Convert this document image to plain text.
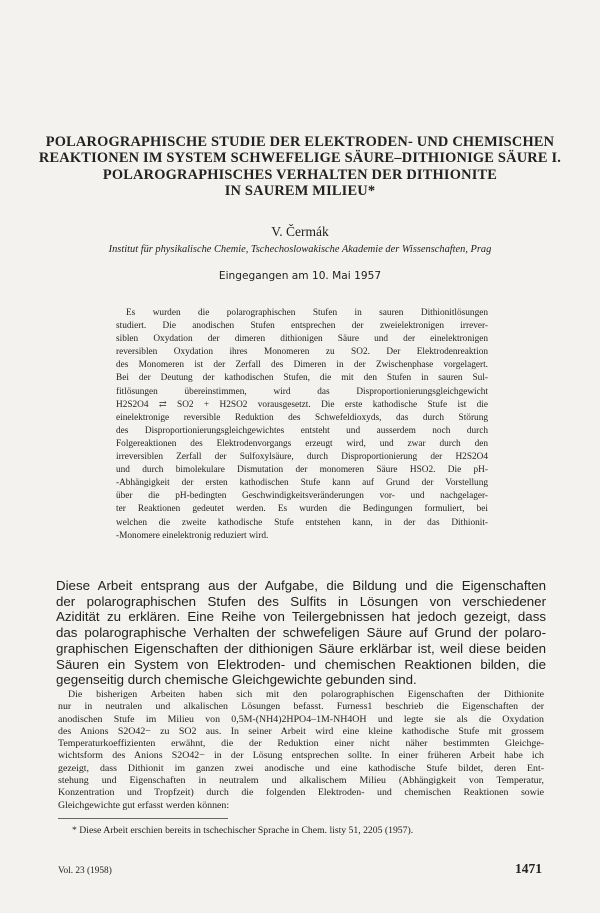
POLAROGRAPHISCHE STUDIE DER ELEKTRODEN- UND CHEMISCHEN
REAKTIONEN IM SYSTEM SCHWEFELIGE SÄURE–DITHIONIGE SÄURE I.
POLAROGRAPHISCHES VERHALTEN DER DITHIONITE
IN SAUREM MILIEU*
V. Čermák
Institut für physikalische Chemie, Tschechoslowakische Akademie der Wissenschaften, Prag
Eingegangen am 10. Mai 1957
Es wurden die polarographischen Stufen in sauren Dithionitlösungen
studiert. Die anodischen Stufen entsprechen der zweielektronigen irrever-
siblen Oxydation der dimeren dithionigen Säure und der einelektronigen
reversiblen Oxydation ihres Monomeren zu SO2. Der Elektrodenreaktion
des Monomeren ist der Zerfall des Dimeren in der Zwischenphase vorgelagert.
Bei der Deutung der kathodischen Stufen, die mit den Stufen in sauren Sul-
fitlösungen übereinstimmen, wird das Disproportionierungsgleichgewicht
H2S2O4 ⇄ SO2 + H2SO2 vorausgesetzt. Die erste kathodische Stufe ist die
einelektronige reversible Reduktion des Schwefeldioxyds, das durch Störung
des Disproportionierungsgleichgewichtes entsteht und ausserdem noch durch
Folgereaktionen des Elektrodenvorgangs erzeugt wird, und zwar durch den
irreversiblen Zerfall der Sulfoxylsäure, durch Disproportionierung der H2S2O4
und durch bimolekulare Dismutation der monomeren Säure HSO2. Die pH-
-Abhängigkeit der ersten kathodischen Stufe kann auf Grund der Vorstellung
über die pH-bedingten Geschwindigkeitsveränderungen vor- und nachgelager-
ter Reaktionen gedeutet werden. Es wurden die Bedingungen formuliert, bei
welchen die zweite kathodische Stufe entstehen kann, in der das Dithionit-
-Monomere einelektronig reduziert wird.
Diese Arbeit entsprang aus der Aufgabe, die Bildung und die Eigenschaften
der polarographischen Stufen des Sulfits in Lösungen von verschiedener
Azidität zu erklären. Eine Reihe von Teilergebnissen hat jedoch gezeigt, dass
das polarographische Verhalten der schwefeligen Säure auf Grund der polaro-
graphischen Eigenschaften der dithionigen Säure erklärbar ist, weil diese beiden
Säuren ein System von Elektroden- und chemischen Reaktionen bilden, die
gegenseitig durch chemische Gleichgewichte gebunden sind.
Die bisherigen Arbeiten haben sich mit den polarographischen Eigenschaften der Dithionite
nur in neutralen und alkalischen Lösungen befasst. Furness1 beschrieb die Eigenschaften der
anodischen Stufe im Milieu von 0,5M-(NH4)2HPO4–1M-NH4OH und legte sie als die Oxydation
des Anions S2O42− zu SO2 aus. In seiner Arbeit wird eine kleine kathodische Stufe mit grossem
Temperaturkoeffizienten erwähnt, die der Reduktion einer nicht näher bestimmten Gleichge-
wichtsform des Anions S2O42− in der Lösung entsprechen sollte. In einer früheren Arbeit habe ich
gezeigt, dass Dithionit im ganzen zwei anodische und eine kathodische Stufe bildet, deren Ent-
stehung und Eigenschaften in neutralem und alkalischem Milieu (Abhängigkeit von Temperatur,
Konzentration und Tropfzeit) durch die folgenden Elektroden- und chemischen Reaktionen sowie
Gleichgewichte gut erfasst werden können:
* Diese Arbeit erschien bereits in tschechischer Sprache in Chem. listy 51, 2205 (1957).
Vol. 23 (1958)	1471
